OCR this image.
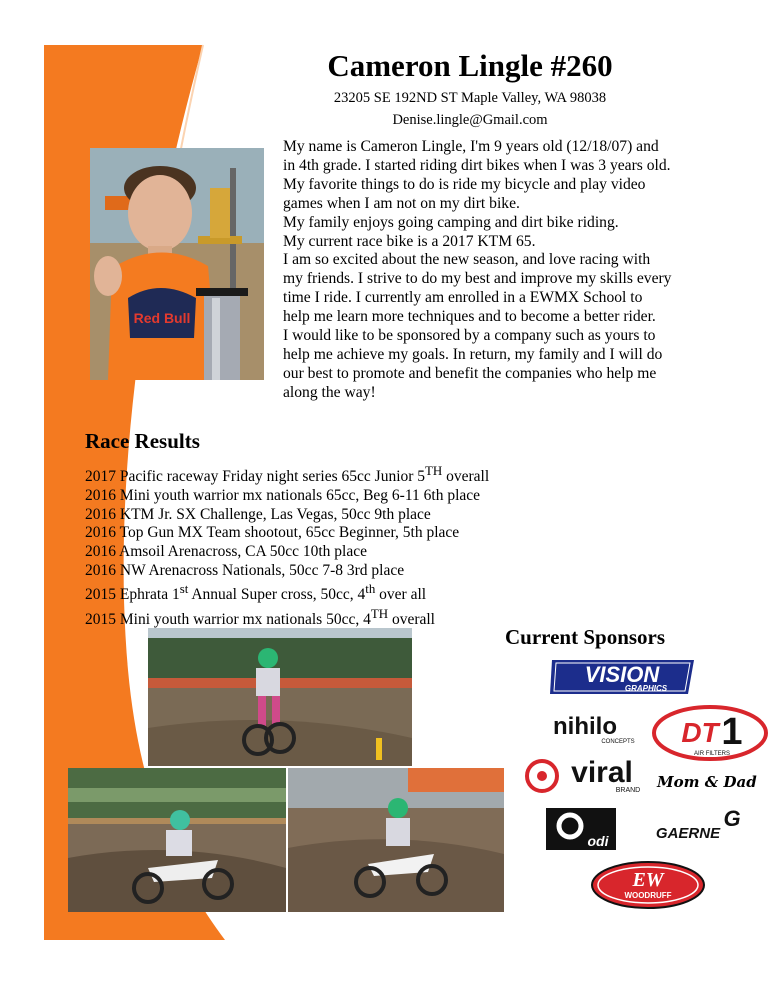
Cameron Lingle #260
23205 SE 192ND ST Maple Valley, WA 98038
Denise.lingle@Gmail.com
Red Bull

My name is Cameron Lingle, I'm 9 years old (12/18/07) and
in 4th grade. I started riding dirt bikes when I was 3 years old.
My favorite things to do is ride my bicycle and play video
games when I am not on my dirt bike.
My family enjoys going camping and dirt bike riding.
My current race bike is a 2017 KTM 65.
I am so excited about the new season, and love racing with
my friends. I strive to do my best and improve my skills every
time I ride. I currently am enrolled in a EWMX School to
help me learn more techniques and to become a better rider.
I would like to be sponsored by a company such as yours to
help me achieve my goals. In return, my family and I will do
our best to promote and benefit the companies who help me
along the way!

Race Results
2017 Pacific raceway Friday night series 65cc Junior 5TH overall
2016 Mini youth warrior mx nationals 65cc, Beg 6-11 6th place
2016 KTM Jr. SX Challenge, Las Vegas, 50cc 9th place
2016 Top Gun MX Team shootout, 65cc Beginner, 5th place
2016 Amsoil Arenacross, CA 50cc 10th place
2016 NW Arenacross Nationals, 50cc 7-8 3rd place
2015 Ephrata 1st Annual Super cross, 50cc, 4th over all
2015 Mini youth warrior mx nationals 50cc, 4TH overall
Current Sponsors
VISION
GRAPHICS
nihilo
CONCEPTS DT 1
AIR FILTERS
viral
BRAND Mom & Dad
odi
G
GAERNE
EW
WOODRUFF
